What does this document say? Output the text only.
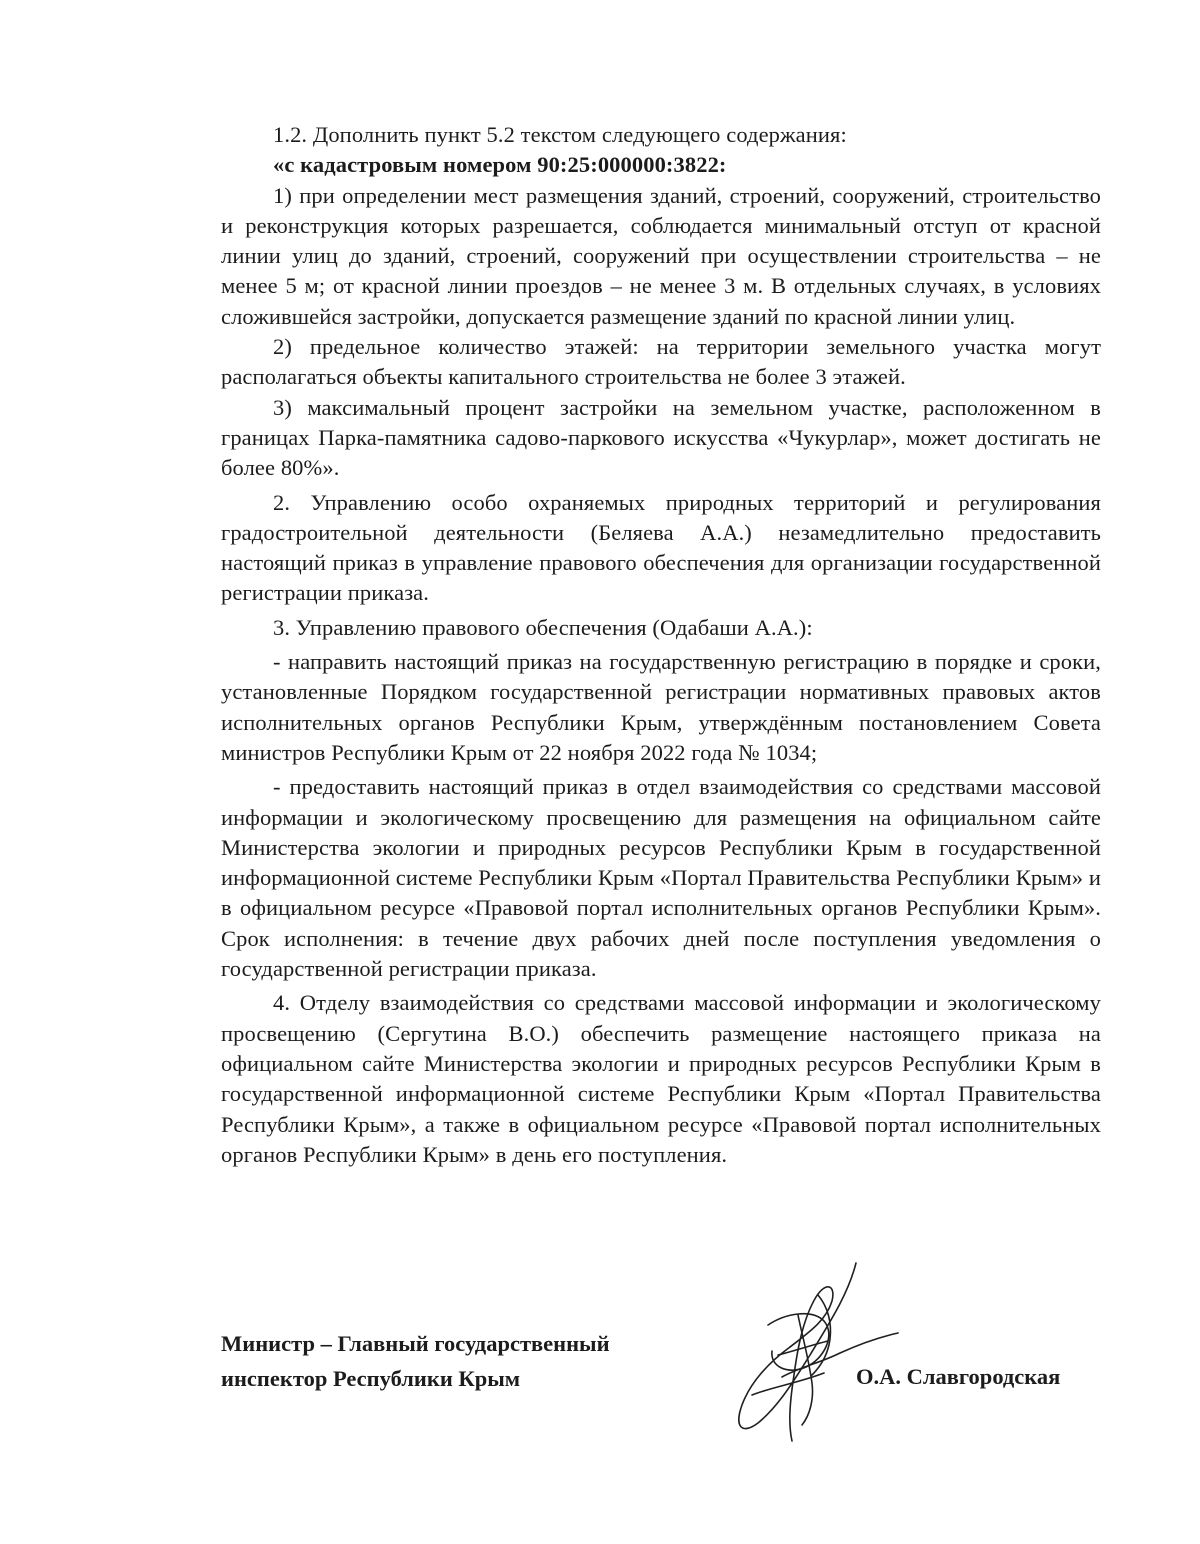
1.2. Дополнить пункт 5.2 текстом следующего содержания:

«с кадастровым номером 90:25:000000:3822:

1) при определении мест размещения зданий, строений, сооружений, строительство и реконструкция которых разрешается, соблюдается минимальный отступ от красной линии улиц до зданий, строений, сооружений при осуществлении строительства – не менее 5 м; от красной линии проездов – не менее 3 м. В отдельных случаях, в условиях сложившейся застройки, допускается размещение зданий по красной линии улиц.

2) предельное количество этажей: на территории земельного участка могут располагаться объекты капитального строительства не более 3 этажей.

3) максимальный процент застройки на земельном участке, расположенном в границах Парка-памятника садово-паркового искусства «Чукурлар», может достигать не более 80%».

2. Управлению особо охраняемых природных территорий и регулирования градостроительной деятельности (Беляева А.А.) незамедлительно предоставить настоящий приказ в управление правового обеспечения для организации государственной регистрации приказа.

3. Управлению правового обеспечения (Одабаши А.А.):

- направить настоящий приказ на государственную регистрацию в порядке и сроки, установленные Порядком государственной регистрации нормативных правовых актов исполнительных органов Республики Крым, утверждённым постановлением Совета министров Республики Крым от 22 ноября 2022 года № 1034;

- предоставить настоящий приказ в отдел взаимодействия со средствами массовой информации и экологическому просвещению для размещения на официальном сайте Министерства экологии и природных ресурсов Республики Крым в государственной информационной системе Республики Крым «Портал Правительства Республики Крым» и в официальном ресурсе «Правовой портал исполнительных органов Республики Крым». Срок исполнения: в течение двух рабочих дней после поступления уведомления о государственной регистрации приказа.

4. Отделу взаимодействия со средствами массовой информации и экологическому просвещению (Сергутина В.О.) обеспечить размещение настоящего приказа на официальном сайте Министерства экологии и природных ресурсов Республики Крым в государственной информационной системе Республики Крым «Портал Правительства Республики Крым», а также в официальном ресурсе «Правовой портал исполнительных органов Республики Крым» в день его поступления.

Министр – Главный государственный
инспектор Республики Крым	О.А. Славгородская
